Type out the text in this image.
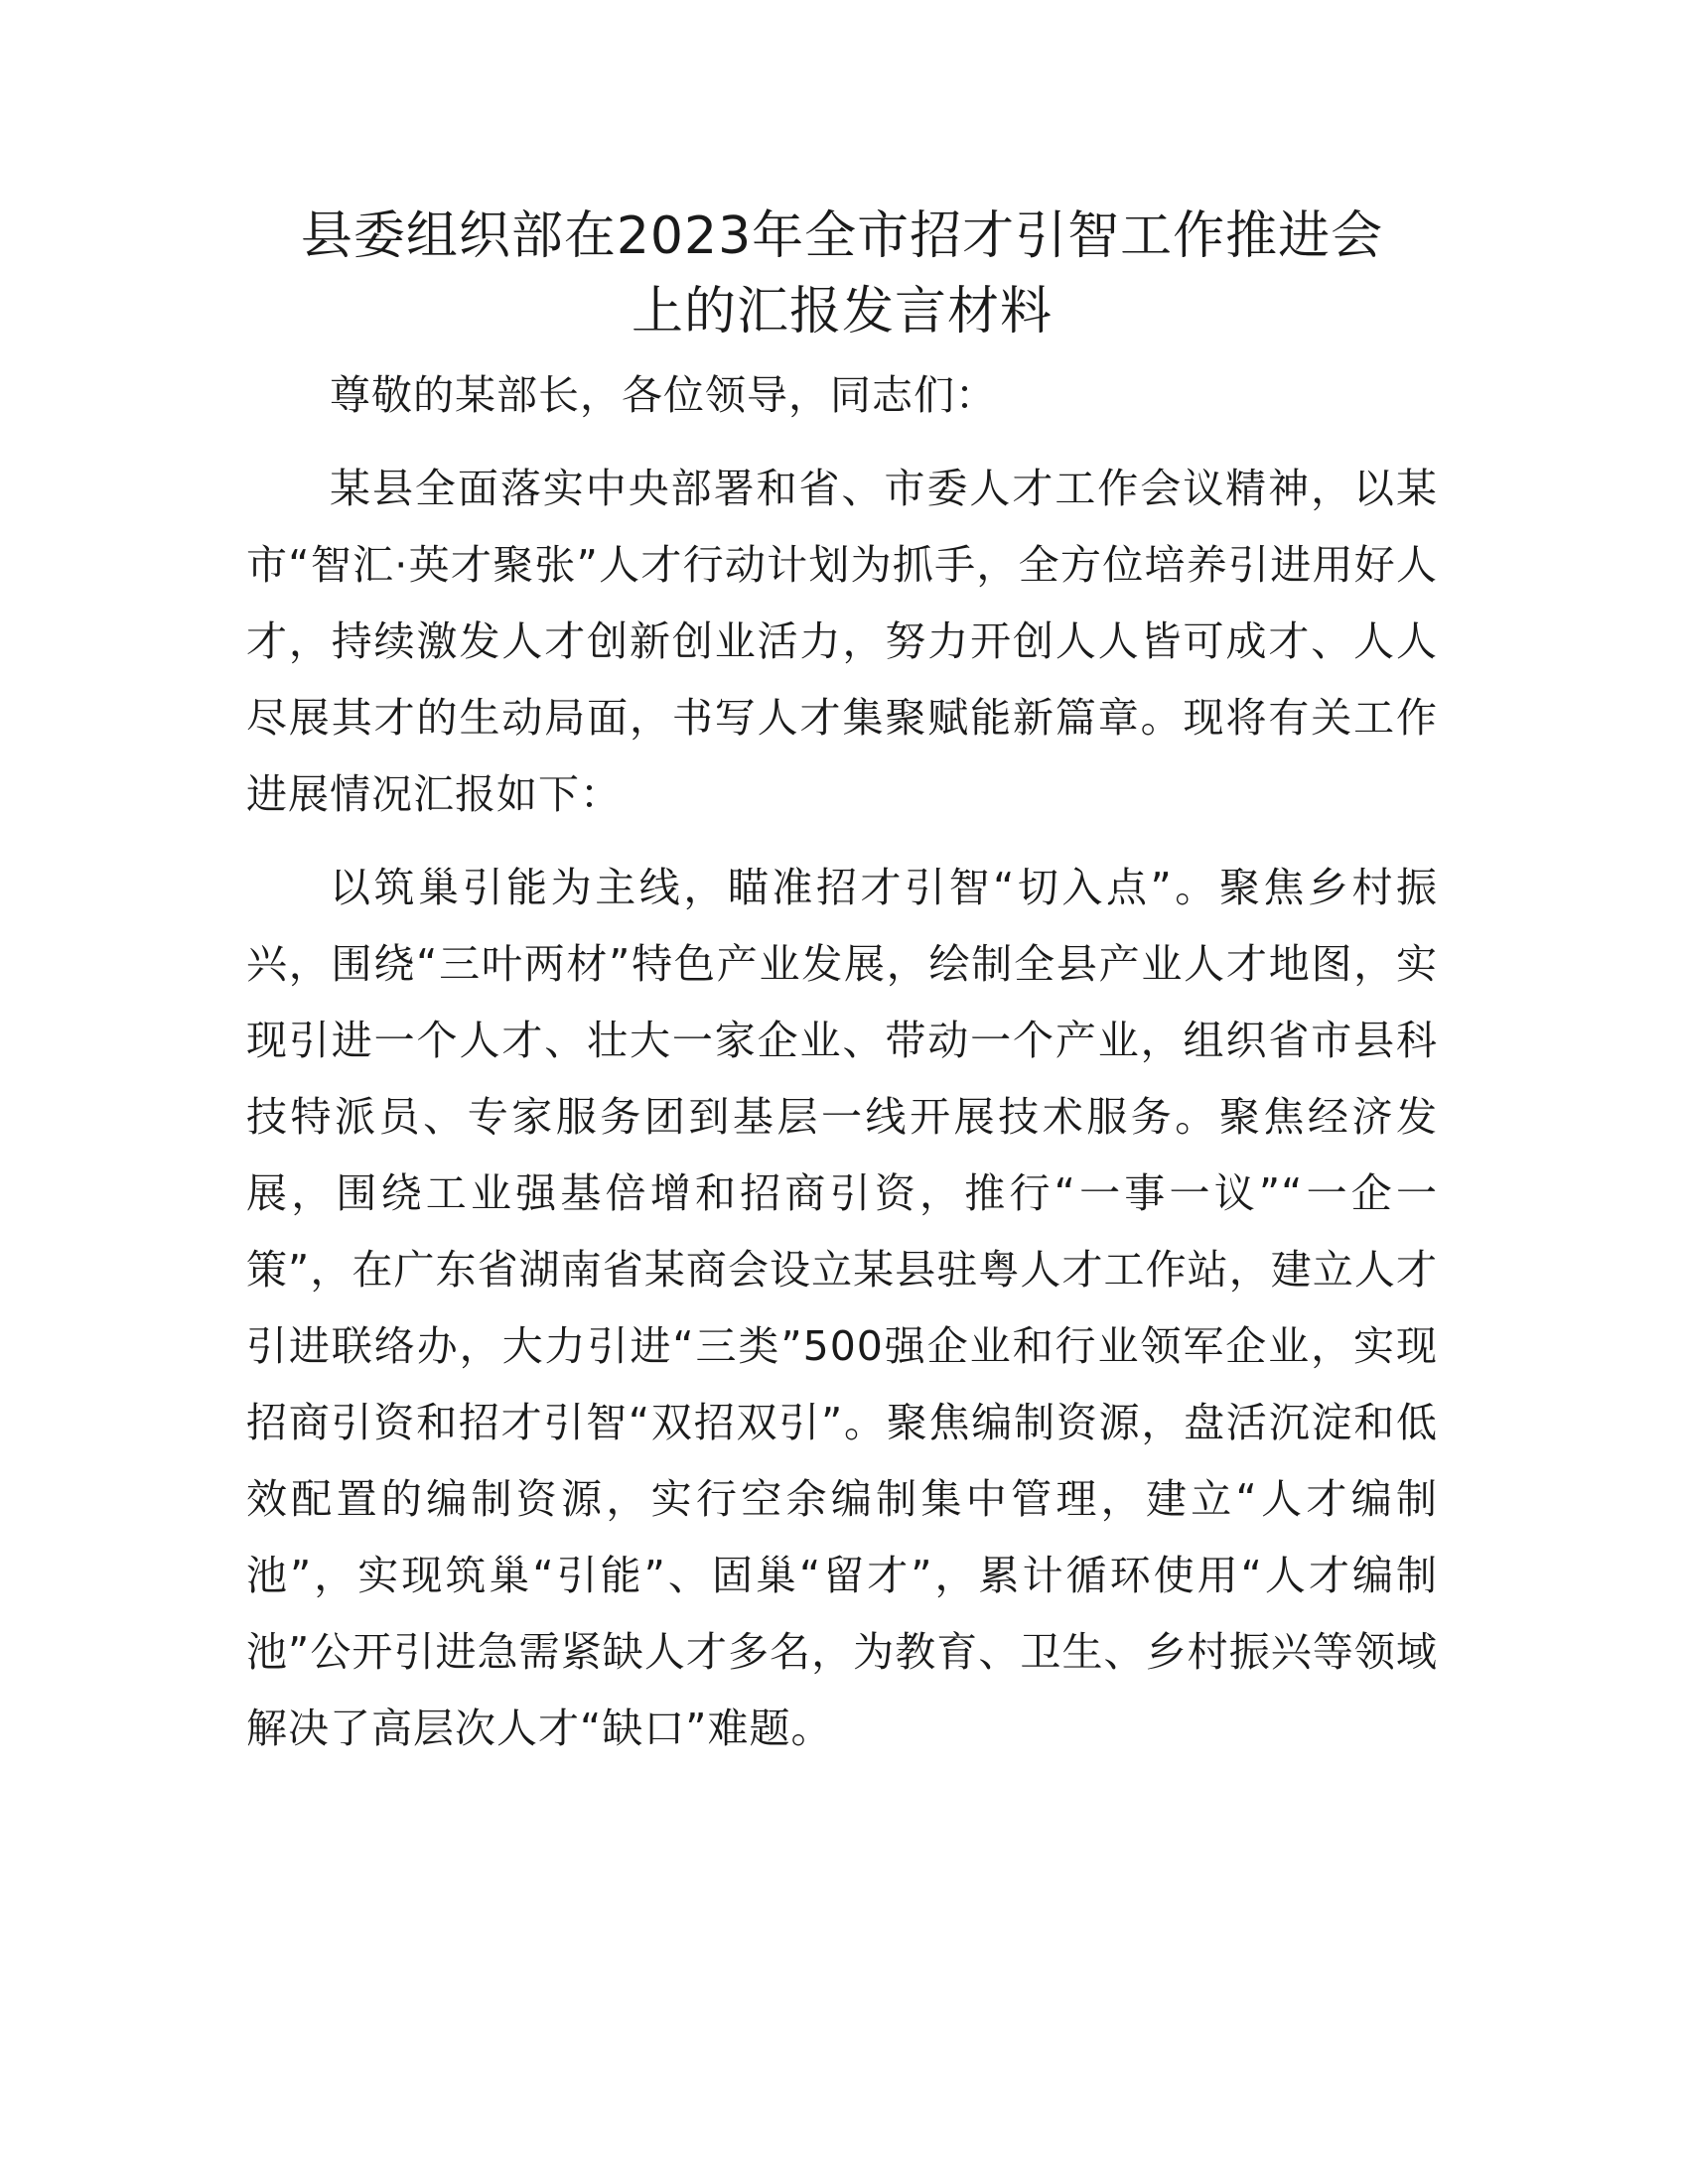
县委组织部在2023年全市招才引智工作推进会
上的汇报发言材料

尊敬的某部长，各位领导，同志们：

某县全面落实中央部署和省、市委人才工作会议精神，以某市“智汇·英才聚张”人才行动计划为抓手，全方位培养引进用好人才，持续激发人才创新创业活力，努力开创人人皆可成才、人人尽展其才的生动局面，书写人才集聚赋能新篇章。现将有关工作进展情况汇报如下：

以筑巢引能为主线，瞄准招才引智“切入点”。聚焦乡村振兴，围绕“三叶两材”特色产业发展，绘制全县产业人才地图，实现引进一个人才、壮大一家企业、带动一个产业，组织省市县科技特派员、专家服务团到基层一线开展技术服务。聚焦经济发展，围绕工业强基倍增和招商引资，推行“一事一议”“一企一策”，在广东省湖南省某商会设立某县驻粤人才工作站，建立人才引进联络办，大力引进“三类”500强企业和行业领军企业，实现招商引资和招才引智“双招双引”。聚焦编制资源，盘活沉淀和低效配置的编制资源，实行空余编制集中管理，建立“人才编制池”，实现筑巢“引能”、固巢“留才”，累计循环使用“人才编制池”公开引进急需紧缺人才多名，为教育、卫生、乡村振兴等领域解决了高层次人才“缺口”难题。
